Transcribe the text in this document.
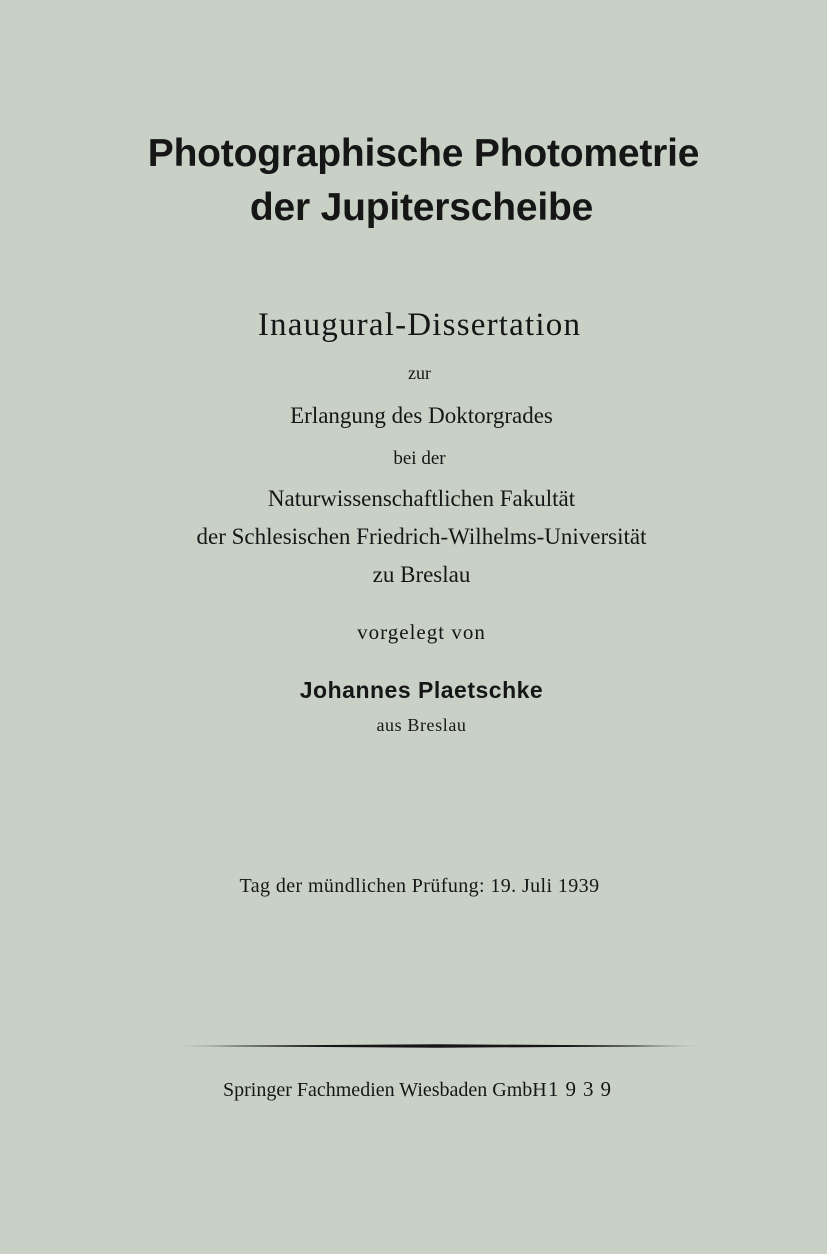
Photographische Photometrie
der Jupiterscheibe
Inaugural-Dissertation
zur
Erlangung des Doktorgrades
bei der
Naturwissenschaftlichen Fakultät
der Schlesischen Friedrich-Wilhelms-Universität
zu Breslau
vorgelegt von
Johannes Plaetschke
aus Breslau
Tag der mündlichen Prüfung: 19. Juli 1939
Springer Fachmedien Wiesbaden GmbH 1939
